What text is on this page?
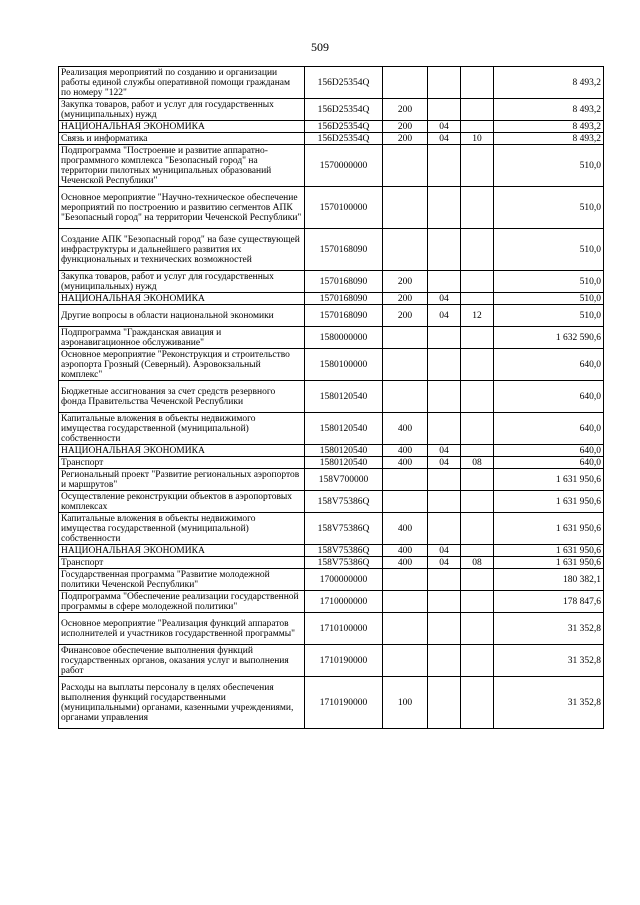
509
Реализация мероприятий по созданию и организации работы единой службы оперативной помощи гражданам по номеру "122"	156D25354Q				8 493,2
Закупка товаров, работ и услуг для государственных (муниципальных) нужд	156D25354Q	200			8 493,2
НАЦИОНАЛЬНАЯ ЭКОНОМИКА	156D25354Q	200	04		8 493,2
Связь и информатика	156D25354Q	200	04	10	8 493,2
Подпрограмма "Построение и развитие аппаратно-программного комплекса "Безопасный город" на территории пилотных муниципальных образований Чеченской Республики"	1570000000				510,0
Основное мероприятие "Научно-техническое обеспечение мероприятий по построению и развитию сегментов АПК "Безопасный город" на территории Чеченской Республики"	1570100000				510,0
Создание АПК "Безопасный город" на базе существующей инфраструктуры и дальнейшего развития их функциональных и технических возможностей	1570168090				510,0
Закупка товаров, работ и услуг для государственных (муниципальных) нужд	1570168090	200			510,0
НАЦИОНАЛЬНАЯ ЭКОНОМИКА	1570168090	200	04		510,0
Другие вопросы в области национальной экономики	1570168090	200	04	12	510,0
Подпрограмма "Гражданская авиация и аэронавигационное обслуживание"	1580000000				1 632 590,6
Основное мероприятие "Реконструкция и строительство аэропорта Грозный (Северный). Аэровокзальный комплекс"	1580100000				640,0
Бюджетные ассигнования за счет средств резервного фонда Правительства Чеченской Республики	1580120540				640,0
Капитальные вложения в объекты недвижимого имущества государственной (муниципальной) собственности	1580120540	400			640,0
НАЦИОНАЛЬНАЯ ЭКОНОМИКА	1580120540	400	04		640,0
Транспорт	1580120540	400	04	08	640,0
Региональный проект "Развитие региональных аэропортов и маршрутов"	158V700000				1 631 950,6
Осуществление реконструкции объектов в аэропортовых комплексах	158V75386Q				1 631 950,6
Капитальные вложения в объекты недвижимого имущества государственной (муниципальной) собственности	158V75386Q	400			1 631 950,6
НАЦИОНАЛЬНАЯ ЭКОНОМИКА	158V75386Q	400	04		1 631 950,6
Транспорт	158V75386Q	400	04	08	1 631 950,6
Государственная программа "Развитие молодежной политики Чеченской Республики"	1700000000				180 382,1
Подпрограмма "Обеспечение реализации государственной программы в сфере молодежной политики"	1710000000				178 847,6
Основное мероприятие "Реализация функций аппаратов исполнителей и участников государственной программы"	1710100000				31 352,8
Финансовое обеспечение выполнения функций государственных органов, оказания услуг и выполнения работ	1710190000				31 352,8
Расходы на выплаты персоналу в целях обеспечения выполнения функций государственными (муниципальными) органами, казенными учреждениями, органами управления	1710190000	100			31 352,8
